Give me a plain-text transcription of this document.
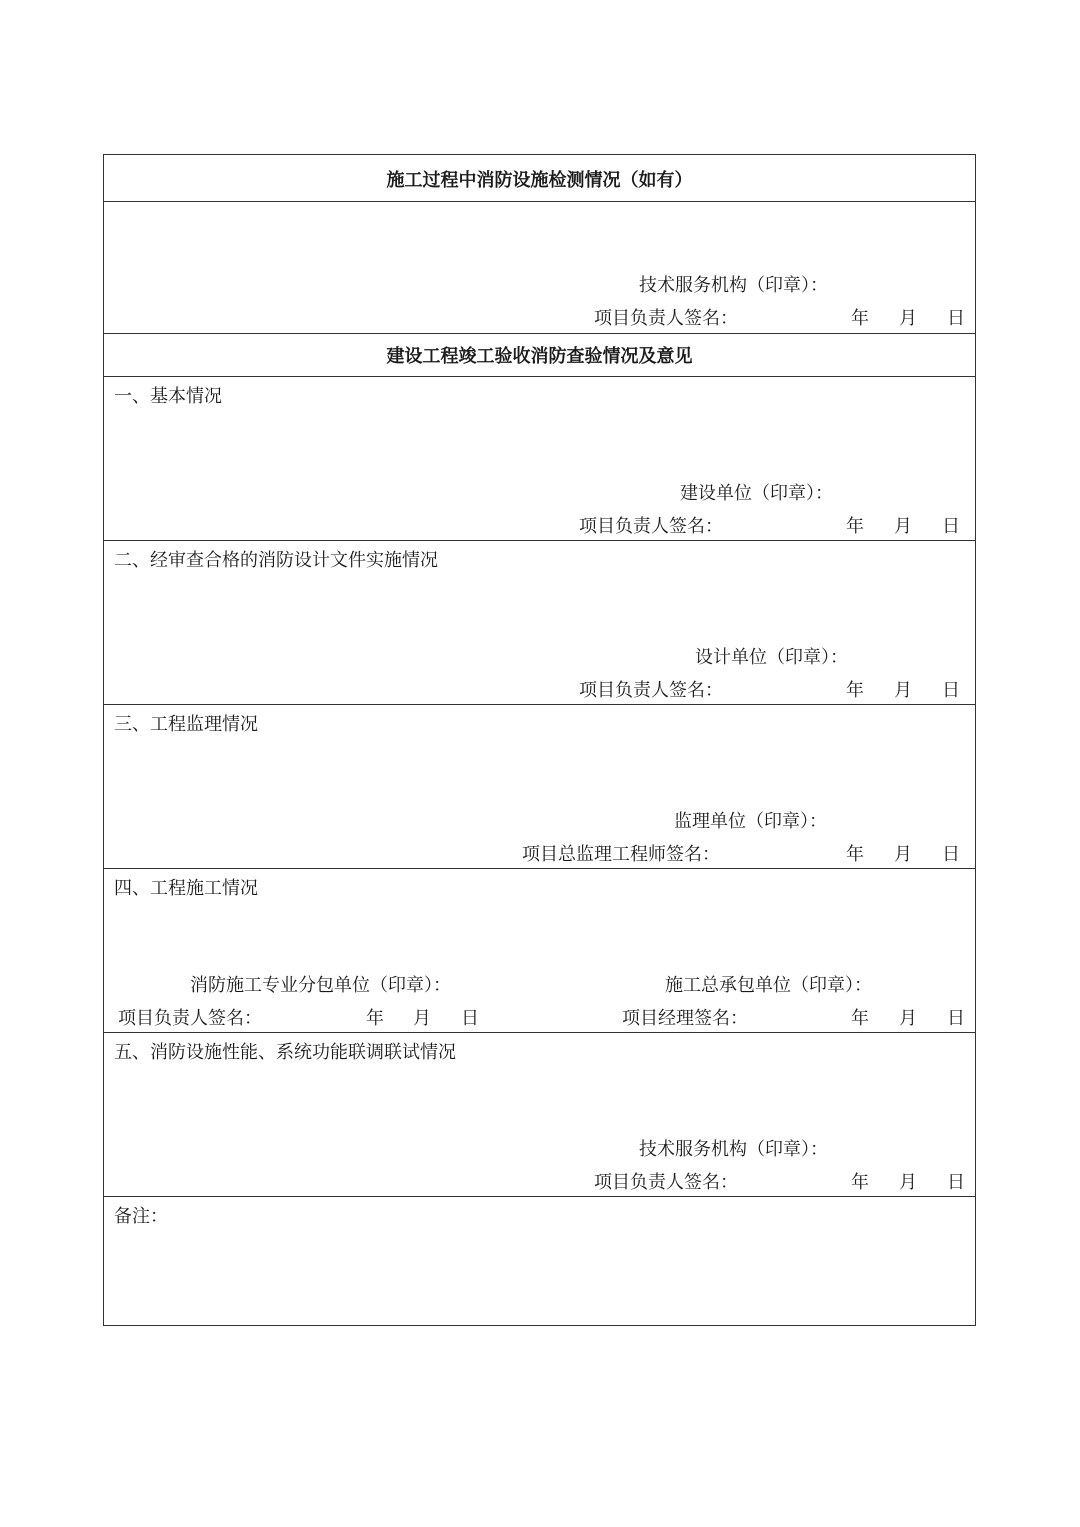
施工过程中消防设施检测情况（如有）
技术服务机构（印章）：
项目负责人签名：	年 月 日
建设工程竣工验收消防查验情况及意见
一、基本情况
建设单位（印章）：
项目负责人签名：	年 月 日
二、经审查合格的消防设计文件实施情况
设计单位（印章）：
项目负责人签名：	年 月 日
三、工程监理情况
监理单位（印章）：
项目总监理工程师签名：	年 月 日
四、工程施工情况
消防施工专业分包单位（印章）：
项目负责人签名：	年 月 日
施工总承包单位（印章）：
项目经理签名：	年 月 日
五、消防设施性能、系统功能联调联试情况
技术服务机构（印章）：
项目负责人签名：	年 月 日
备注：
